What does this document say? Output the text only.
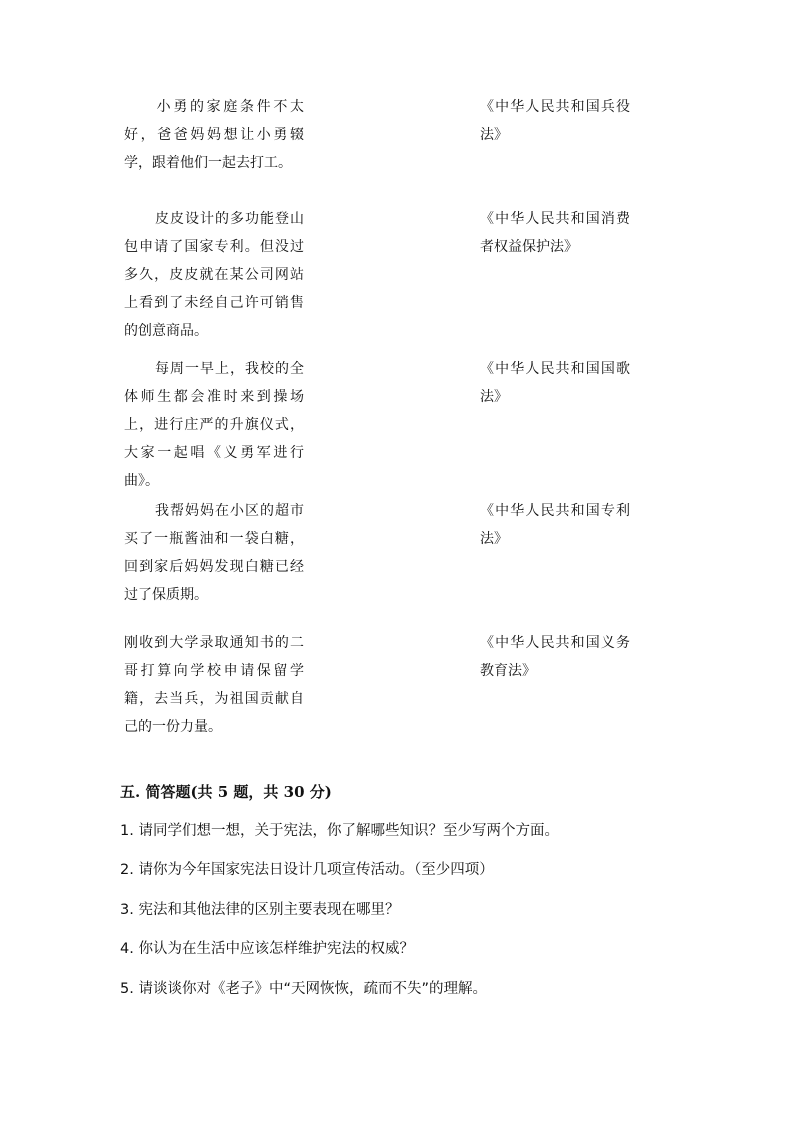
小勇的家庭条件不太好，爸爸妈妈想让小勇辍学，跟着他们一起去打工。
《中华人民共和国兵役法》
皮皮设计的多功能登山包申请了国家专利。但没过多久，皮皮就在某公司网站上看到了未经自己许可销售的创意商品。
《中华人民共和国消费者权益保护法》
每周一早上，我校的全体师生都会准时来到操场上，进行庄严的升旗仪式，大家一起唱《义勇军进行曲》。
《中华人民共和国国歌法》
我帮妈妈在小区的超市买了一瓶酱油和一袋白糖，回到家后妈妈发现白糖已经过了保质期。
《中华人民共和国专利法》
刚收到大学录取通知书的二哥打算向学校申请保留学籍，去当兵，为祖国贡献自己的一份力量。
《中华人民共和国义务教育法》
五. 简答题(共 5 题，共 30 分)
1. 请同学们想一想，关于宪法，你了解哪些知识？至少写两个方面。
2. 请你为今年国家宪法日设计几项宣传活动。（至少四项）
3. 宪法和其他法律的区别主要表现在哪里？
4. 你认为在生活中应该怎样维护宪法的权威？
5. 请谈谈你对《老子》中“天网恢恢，疏而不失”的理解。
